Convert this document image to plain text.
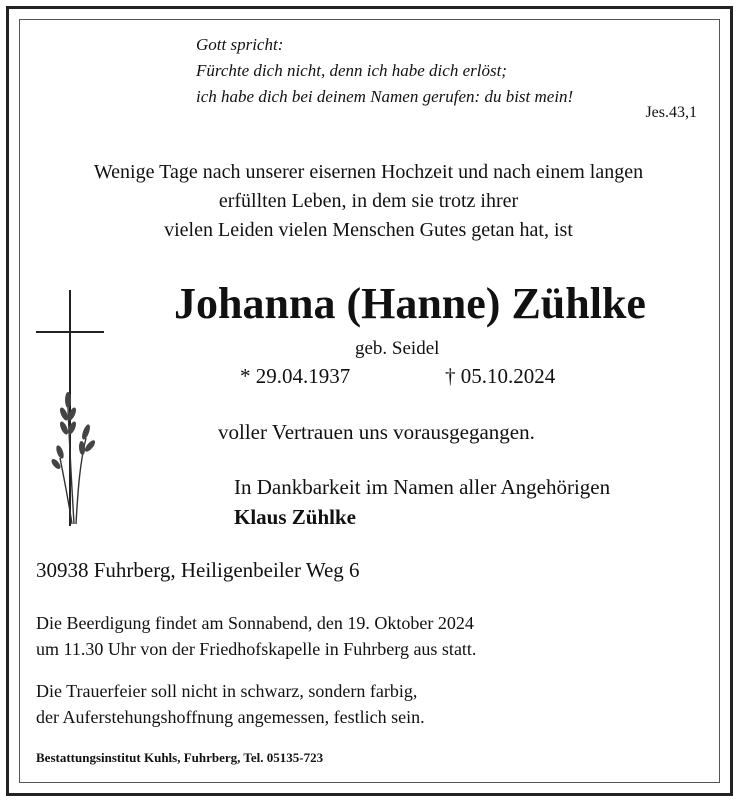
Gott spricht:
Fürchte dich nicht, denn ich habe dich erlöst;
ich habe dich bei deinem Namen gerufen: du bist mein!
Jes.43,1
Wenige Tage nach unserer eisernen Hochzeit und nach einem langen
erfüllten Leben, in dem sie trotz ihrer
vielen Leiden vielen Menschen Gutes getan hat, ist
Johanna (Hanne) Zühlke
geb. Seidel
* 29.04.1937	† 05.10.2024
voller Vertrauen uns vorausgegangen.
In Dankbarkeit im Namen aller Angehörigen
Klaus Zühlke
30938 Fuhrberg, Heiligenbeiler Weg 6
Die Beerdigung findet am Sonnabend, den 19. Oktober 2024
um 11.30 Uhr von der Friedhofskapelle in Fuhrberg aus statt.
Die Trauerfeier soll nicht in schwarz, sondern farbig,
der Auferstehungshoffnung angemessen, festlich sein.
Bestattungsinstitut Kuhls, Fuhrberg, Tel. 05135-723
